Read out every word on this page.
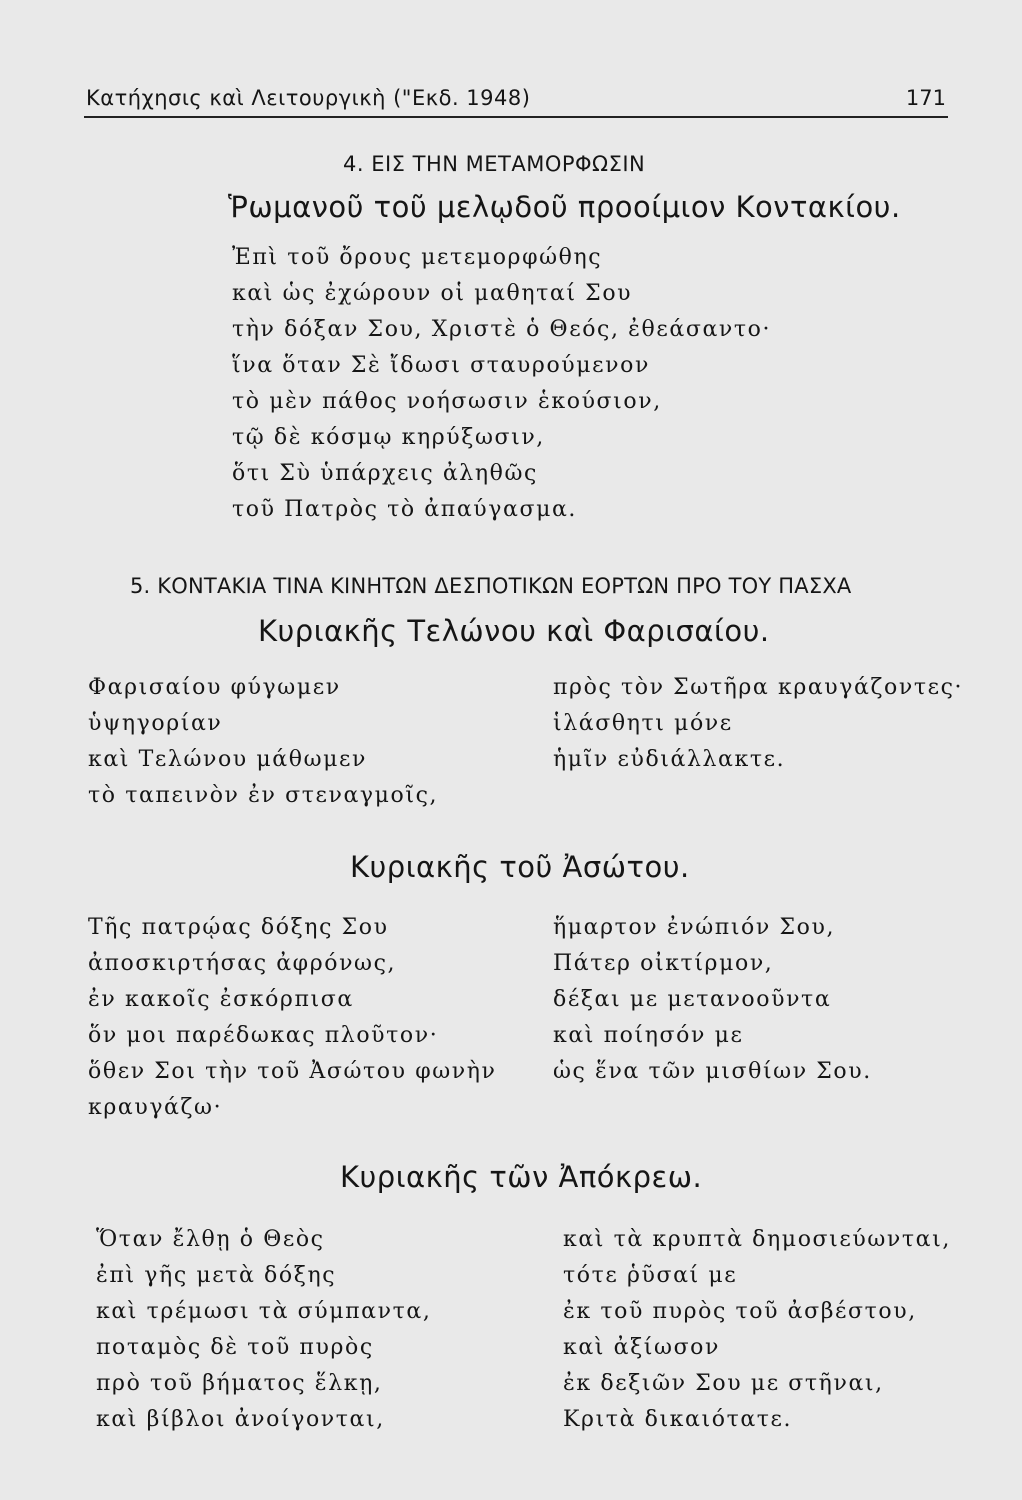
Κατήχησις καὶ Λειτουργικὴ ("Εκδ. 1948)	171
4. ΕΙΣ ΤΗΝ ΜΕΤΑΜΟΡΦΩΣΙΝ
Ῥωμανοῦ τοῦ μελῳδοῦ προοίμιον Κοντακίου.
Ἐπὶ τοῦ ὄρους μετεμορφώθης
καὶ ὡς ἐχώρουν οἱ μαθηταί Σου
τὴν δόξαν Σου, Χριστὲ ὁ Θεός, ἐθεάσαντο·
ἵνα ὅταν Σὲ ἴδωσι σταυρούμενον
τὸ μὲν πάθος νοήσωσιν ἑκούσιον,
τῷ δὲ κόσμῳ κηρύξωσιν,
ὅτι Σὺ ὑπάρχεις ἀληθῶς
τοῦ Πατρὸς τὸ ἀπαύγασμα.
5. ΚΟΝΤΑΚΙΑ ΤΙΝΑ ΚΙΝΗΤΩΝ ΔΕΣΠΟΤΙΚΩΝ ΕΟΡΤΩΝ ΠΡΟ ΤΟΥ ΠΑΣΧΑ
Κυριακῆς Τελώνου καὶ Φαρισαίου.
Φαρισαίου φύγωμεν
ὑψηγορίαν
καὶ Τελώνου μάθωμεν
τὸ ταπεινὸν ἐν στεναγμοῖς,
πρὸς τὸν Σωτῆρα κραυγάζοντες·
ἱλάσθητι μόνε
ἡμῖν εὐδιάλλακτε.
Κυριακῆς τοῦ Ἀσώτου.
Τῆς πατρῴας δόξης Σου
ἀποσκιρτήσας ἀφρόνως,
ἐν κακοῖς ἐσκόρπισα
ὅν μοι παρέδωκας πλοῦτον·
ὅθεν Σοι τὴν τοῦ Ἀσώτου φωνὴν
κραυγάζω·
ἥμαρτον ἐνώπιόν Σου,
Πάτερ οἰκτίρμον,
δέξαι με μετανοοῦντα
καὶ ποίησόν με
ὡς ἕνα τῶν μισθίων Σου.
Κυριακῆς τῶν Ἀπόκρεω.
Ὅταν ἔλθῃ ὁ Θεὸς
ἐπὶ γῆς μετὰ δόξης
καὶ τρέμωσι τὰ σύμπαντα,
ποταμὸς δὲ τοῦ πυρὸς
πρὸ τοῦ βήματος ἕλκῃ,
καὶ βίβλοι ἀνοίγονται,
καὶ τὰ κρυπτὰ δημοσιεύωνται,
τότε ῥῦσαί με
ἐκ τοῦ πυρὸς τοῦ ἀσβέστου,
καὶ ἀξίωσον
ἐκ δεξιῶν Σου με στῆναι,
Κριτὰ δικαιότατε.
